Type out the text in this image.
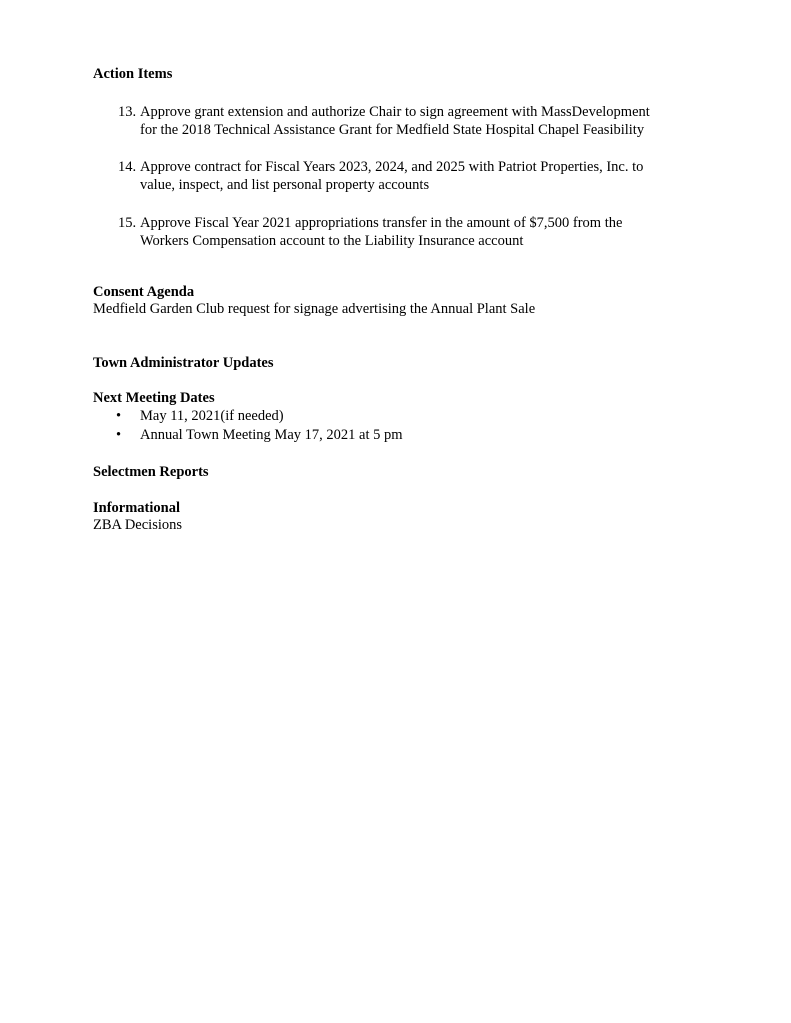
Action Items
13. Approve grant extension and authorize Chair to sign agreement with MassDevelopment
for the 2018 Technical Assistance Grant for Medfield State Hospital Chapel Feasibility
14. Approve contract for Fiscal Years 2023, 2024, and 2025 with Patriot Properties, Inc. to
value, inspect, and list personal property accounts
15. Approve Fiscal Year 2021 appropriations transfer in the amount of $7,500 from the
Workers Compensation account to the Liability Insurance account
Consent Agenda
Medfield Garden Club request for signage advertising the Annual Plant Sale
Town Administrator Updates
Next Meeting Dates
• May 11, 2021(if needed)
• Annual Town Meeting May 17, 2021 at 5 pm
Selectmen Reports
Informational
ZBA Decisions
